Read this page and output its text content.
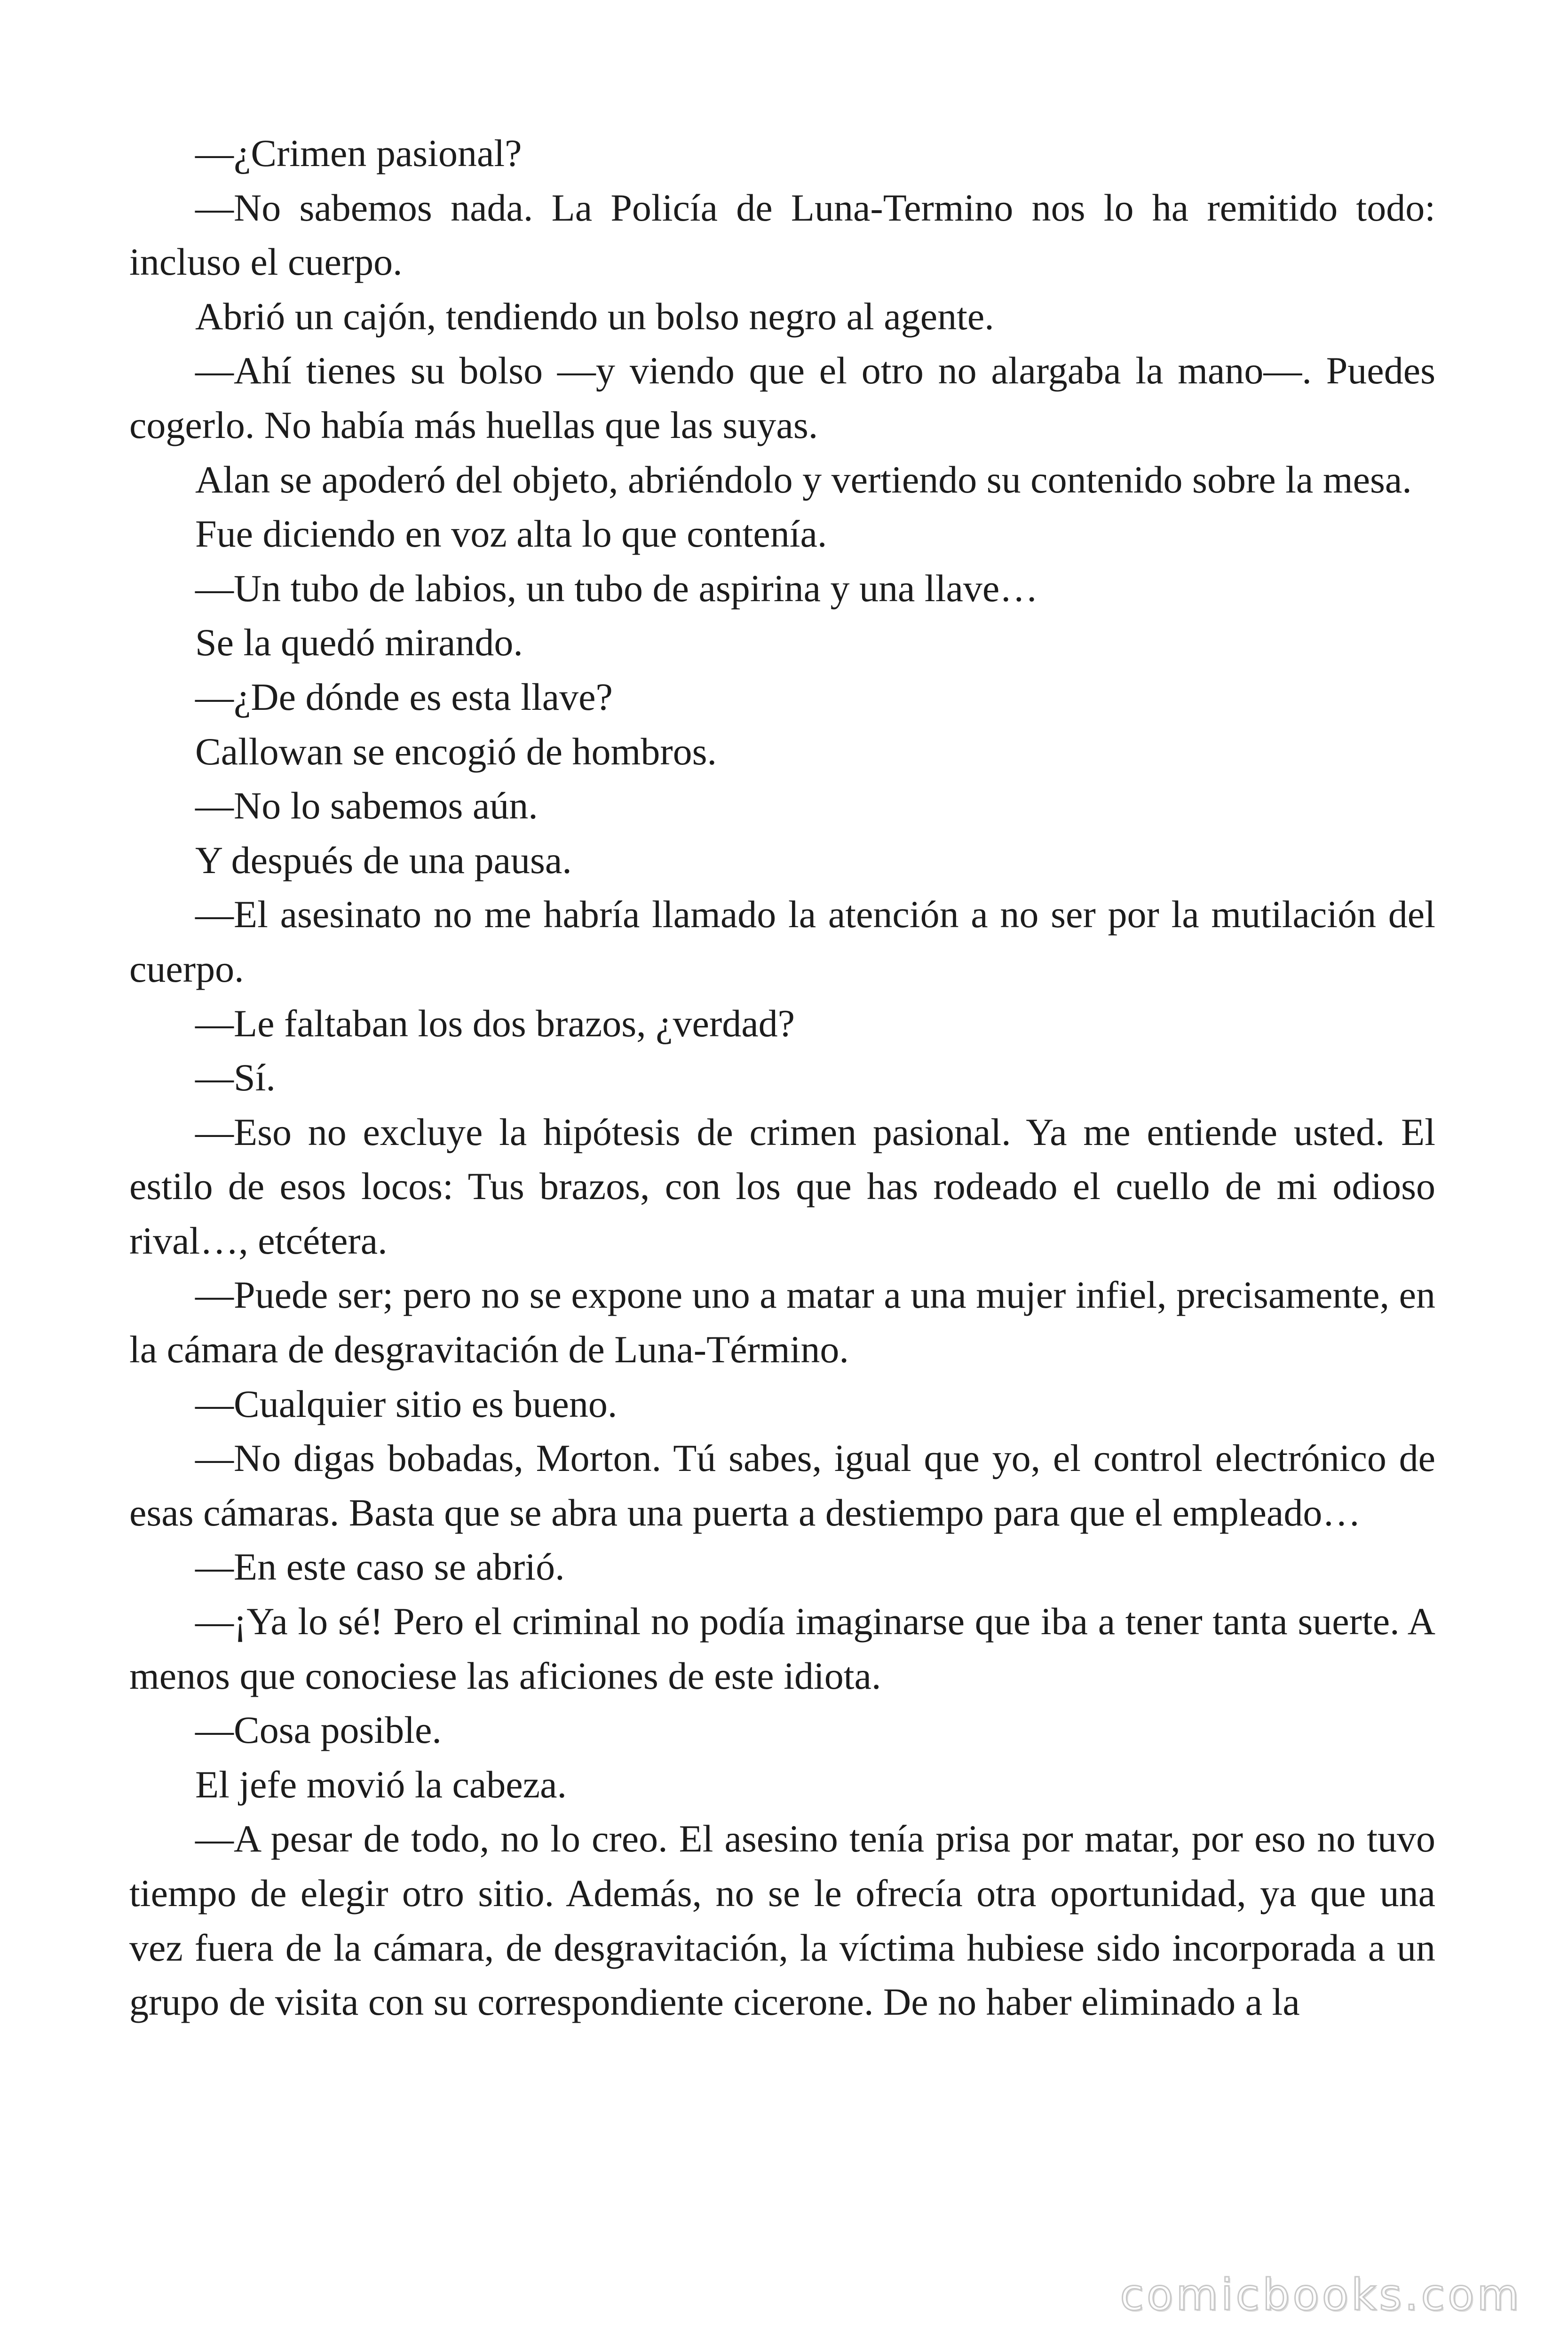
—¿Crimen pasional?

—No sabemos nada. La Policía de Luna-Termino nos lo ha remitido todo: incluso el cuerpo.

Abrió un cajón, tendiendo un bolso negro al agente.

—Ahí tienes su bolso —y viendo que el otro no alargaba la mano—. Puedes cogerlo. No había más huellas que las suyas.

Alan se apoderó del objeto, abriéndolo y vertiendo su contenido sobre la mesa.

Fue diciendo en voz alta lo que contenía.

—Un tubo de labios, un tubo de aspirina y una llave…

Se la quedó mirando.

—¿De dónde es esta llave?

Callowan se encogió de hombros.

—No lo sabemos aún.

Y después de una pausa.

—El asesinato no me habría llamado la atención a no ser por la mutilación del cuerpo.

—Le faltaban los dos brazos, ¿verdad?

—Sí.

—Eso no excluye la hipótesis de crimen pasional. Ya me entiende usted. El estilo de esos locos: Tus brazos, con los que has rodeado el cuello de mi odioso rival…, etcétera.

—Puede ser; pero no se expone uno a matar a una mujer infiel, precisamente, en la cámara de desgravitación de Luna-Término.

—Cualquier sitio es bueno.

—No digas bobadas, Morton. Tú sabes, igual que yo, el control electrónico de esas cámaras. Basta que se abra una puerta a destiempo para que el empleado…

—En este caso se abrió.

—¡Ya lo sé! Pero el criminal no podía imaginarse que iba a tener tanta suerte. A menos que conociese las aficiones de este idiota.

—Cosa posible.

El jefe movió la cabeza.

—A pesar de todo, no lo creo. El asesino tenía prisa por matar, por eso no tuvo tiempo de elegir otro sitio. Además, no se le ofrecía otra oportunidad, ya que una vez fuera de la cámara, de desgravitación, la víctima hubiese sido incorporada a un grupo de visita con su correspondiente cicerone. De no haber eliminado a la

comicbooks.com
